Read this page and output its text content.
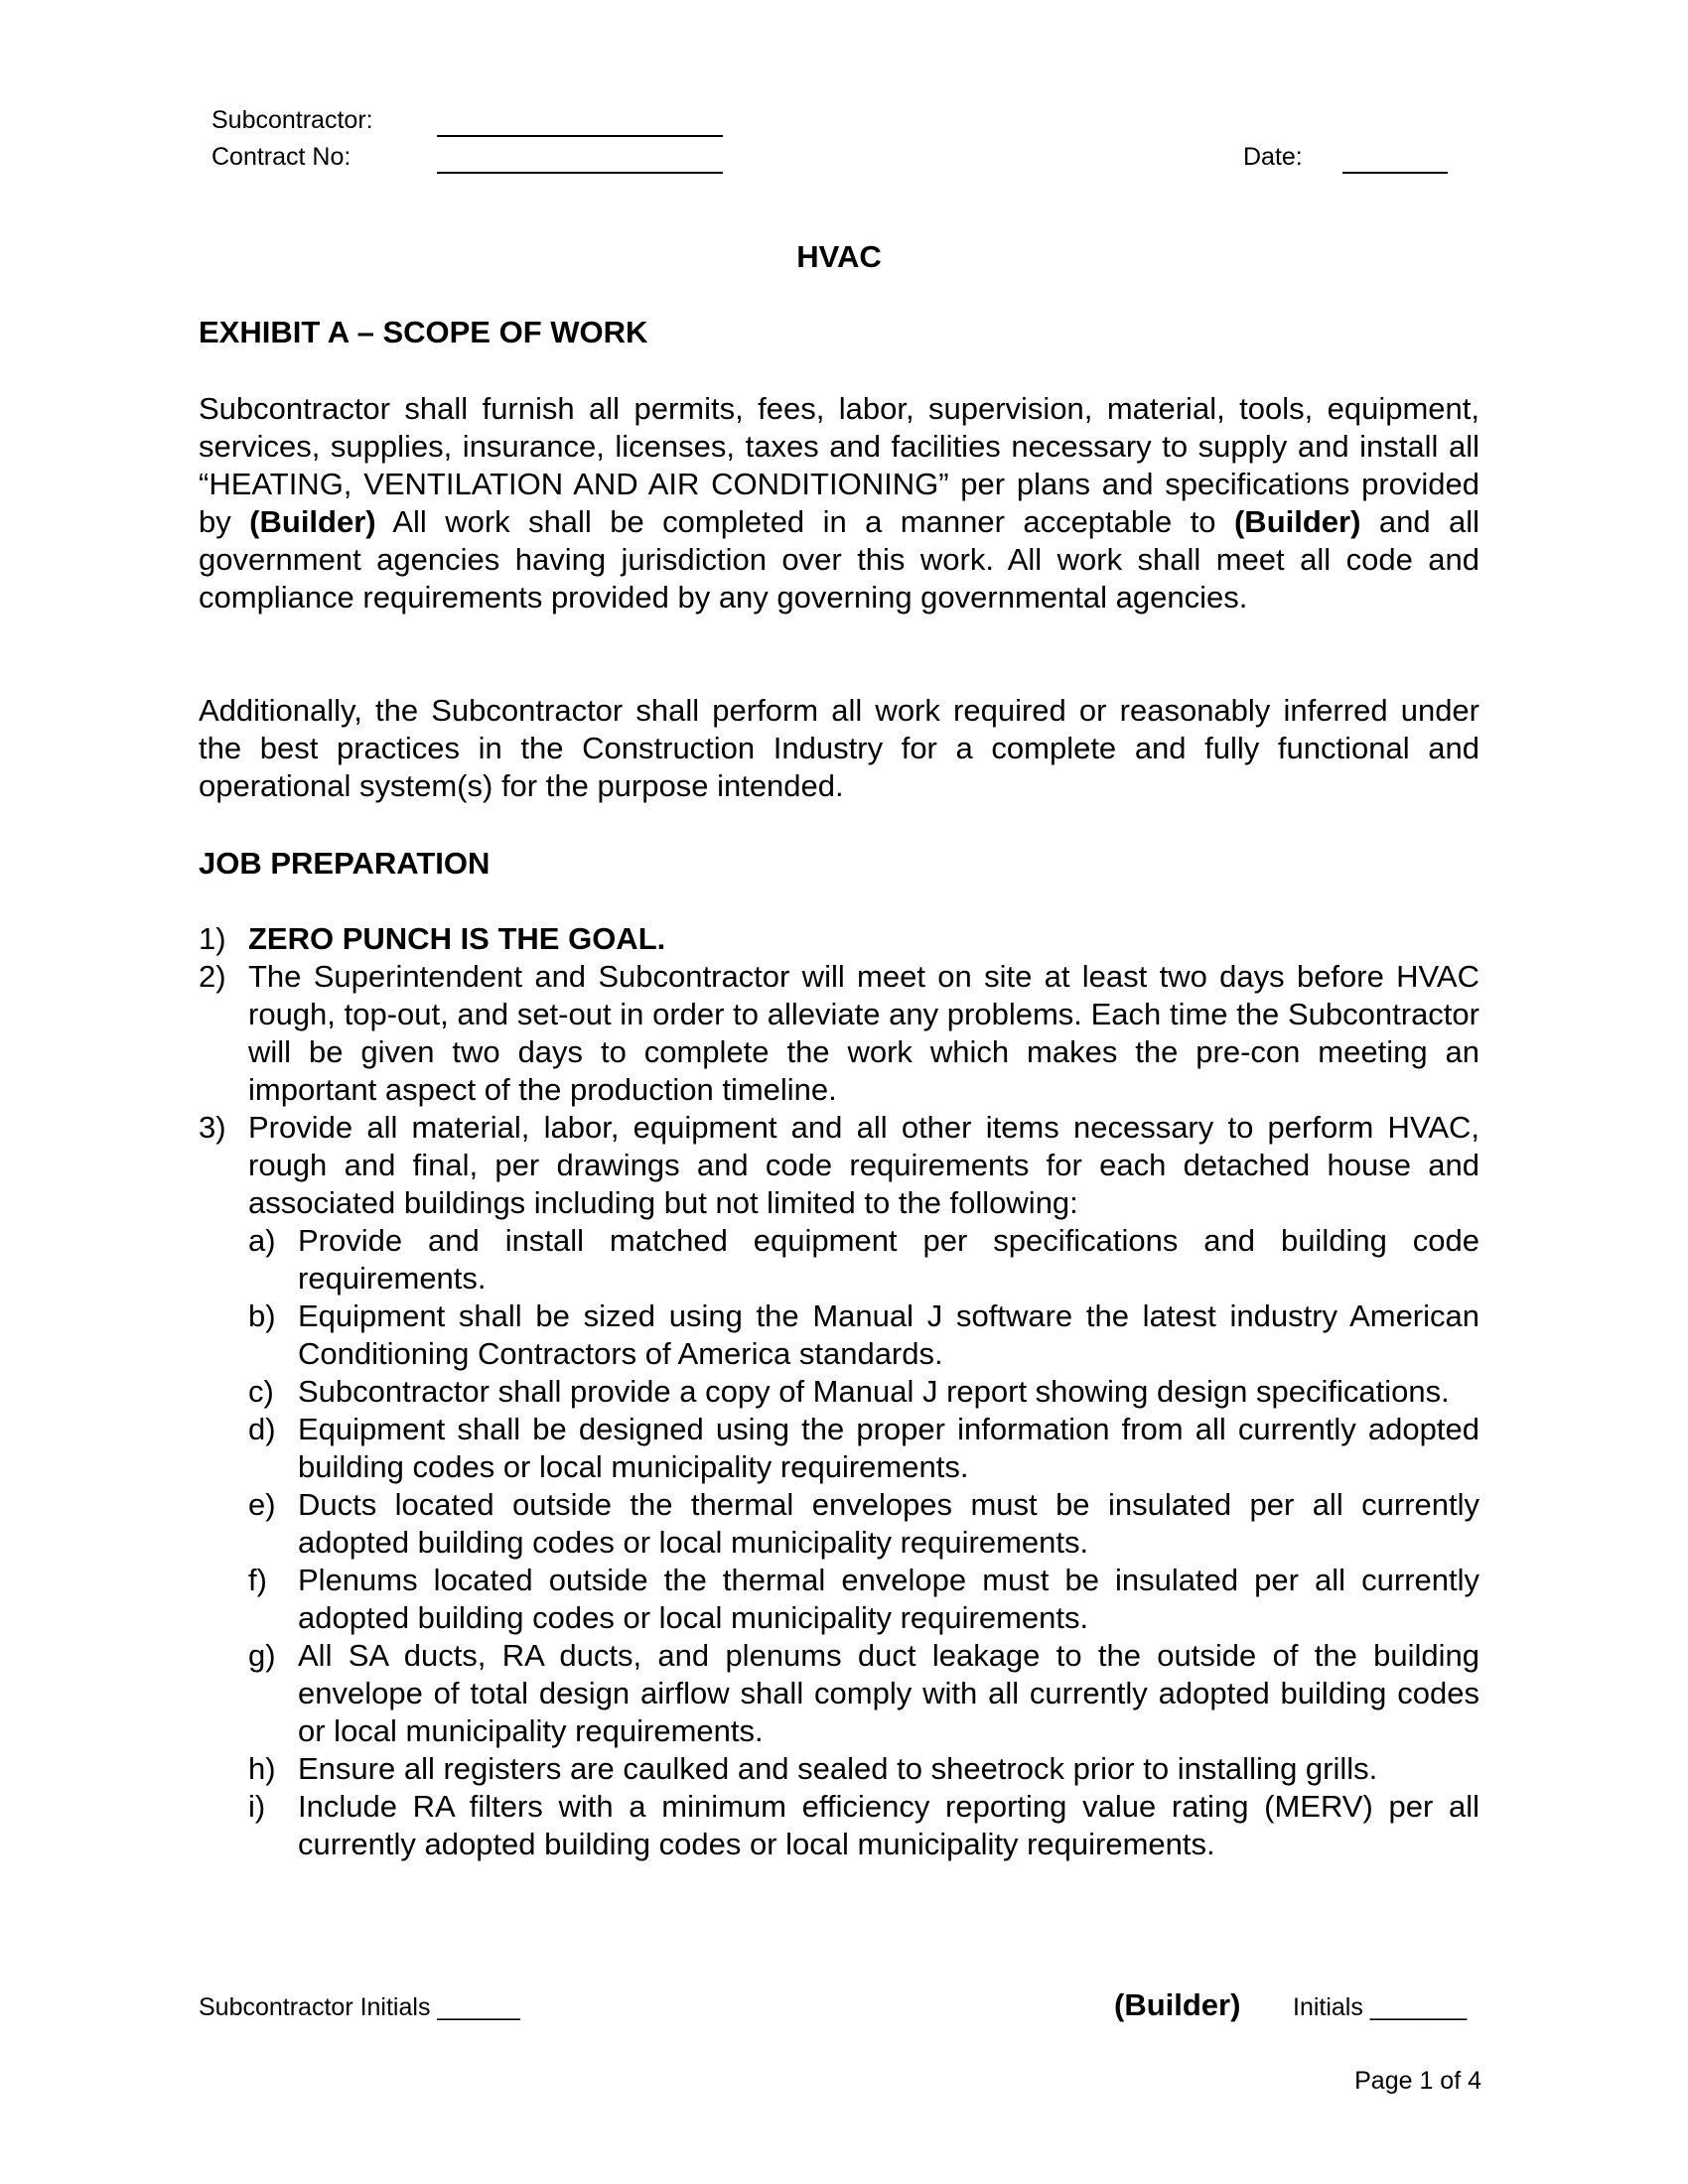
Subcontractor:
Contract No:	Date:
HVAC
EXHIBIT A – SCOPE OF WORK
Subcontractor shall furnish all permits, fees, labor, supervision, material, tools, equipment, services, supplies, insurance, licenses, taxes and facilities necessary to supply and install all “HEATING, VENTILATION AND AIR CONDITIONING” per plans and specifications provided by (Builder) All work shall be completed in a manner acceptable to (Builder) and all government agencies having jurisdiction over this work. All work shall meet all code and compliance requirements provided by any governing governmental agencies.
Additionally, the Subcontractor shall perform all work required or reasonably inferred under the best practices in the Construction Industry for a complete and fully functional and operational system(s) for the purpose intended.
JOB PREPARATION
1) ZERO PUNCH IS THE GOAL.
2) The Superintendent and Subcontractor will meet on site at least two days before HVAC rough, top-out, and set-out in order to alleviate any problems. Each time the Subcontractor will be given two days to complete the work which makes the pre-con meeting an important aspect of the production timeline.
3) Provide all material, labor, equipment and all other items necessary to perform HVAC, rough and final, per drawings and code requirements for each detached house and associated buildings including but not limited to the following:
a) Provide and install matched equipment per specifications and building code requirements.
b) Equipment shall be sized using the Manual J software the latest industry American Conditioning Contractors of America standards.
c) Subcontractor shall provide a copy of Manual J report showing design specifications.
d) Equipment shall be designed using the proper information from all currently adopted building codes or local municipality requirements.
e) Ducts located outside the thermal envelopes must be insulated per all currently adopted building codes or local municipality requirements.
f) Plenums located outside the thermal envelope must be insulated per all currently adopted building codes or local municipality requirements.
g) All SA ducts, RA ducts, and plenums duct leakage to the outside of the building envelope of total design airflow shall comply with all currently adopted building codes or local municipality requirements.
h) Ensure all registers are caulked and sealed to sheetrock prior to installing grills.
i) Include RA filters with a minimum efficiency reporting value rating (MERV) per all currently adopted building codes or local municipality requirements.
Subcontractor Initials ______	(Builder) Initials _______
Page 1 of 4
